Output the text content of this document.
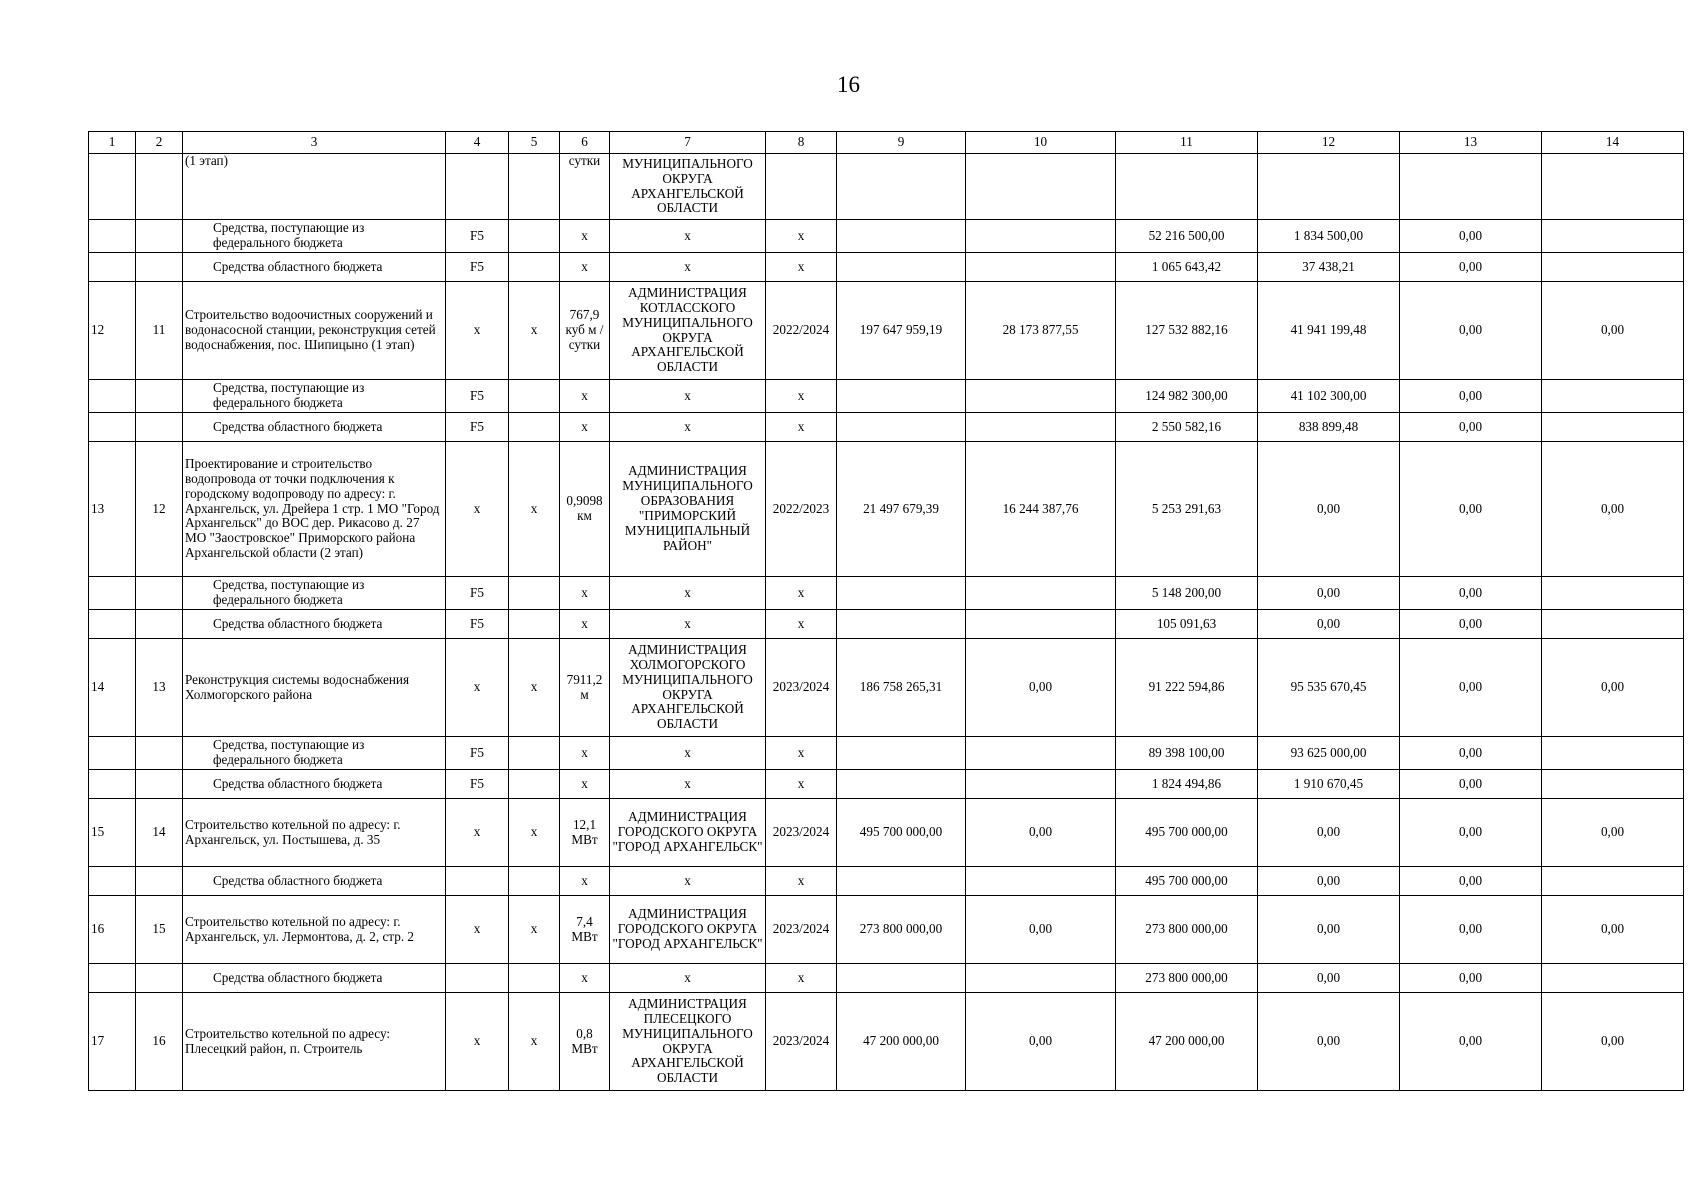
16
1	2	3	4	5	6	7	8	9	10	11	12	13	14
		(1 этап)			сутки	МУНИЦИПАЛЬНОГО ОКРУГА АРХАНГЕЛЬСКОЙ ОБЛАСТИ							
		Средства, поступающие из федерального бюджета	F5		х	х	х			52 216 500,00	1 834 500,00	0,00	
		Средства областного бюджета	F5		х	х	х			1 065 643,42	37 438,21	0,00	
12	11	Строительство водоочистных сооружений и водонасосной станции, реконструкция сетей водоснабжения, пос. Шипицыно (1 этап)	х	х	767,9 куб м / сутки	АДМИНИСТРАЦИЯ КОТЛАССКОГО МУНИЦИПАЛЬНОГО ОКРУГА АРХАНГЕЛЬСКОЙ ОБЛАСТИ	2022/2024	197 647 959,19	28 173 877,55	127 532 882,16	41 941 199,48	0,00	0,00
		Средства, поступающие из федерального бюджета	F5		х	х	х			124 982 300,00	41 102 300,00	0,00	
		Средства областного бюджета	F5		х	х	х			2 550 582,16	838 899,48	0,00	
13	12	Проектирование и строительство водопровода от точки подключения к городскому водопроводу по адресу: г. Архангельск, ул. Дрейера 1 стр. 1 МО "Город Архангельск" до ВОС дер. Рикасово д. 27 МО "Заостровское" Приморского района Архангельской области (2 этап)	х	х	0,9098 км	АДМИНИСТРАЦИЯ МУНИЦИПАЛЬНОГО ОБРАЗОВАНИЯ "ПРИМОРСКИЙ МУНИЦИПАЛЬНЫЙ РАЙОН"	2022/2023	21 497 679,39	16 244 387,76	5 253 291,63	0,00	0,00	0,00
		Средства, поступающие из федерального бюджета	F5		х	х	х			5 148 200,00	0,00	0,00	
		Средства областного бюджета	F5		х	х	х			105 091,63	0,00	0,00	
14	13	Реконструкция системы водоснабжения Холмогорского района	х	х	7911,2 м	АДМИНИСТРАЦИЯ ХОЛМОГОРСКОГО МУНИЦИПАЛЬНОГО ОКРУГА АРХАНГЕЛЬСКОЙ ОБЛАСТИ	2023/2024	186 758 265,31	0,00	91 222 594,86	95 535 670,45	0,00	0,00
		Средства, поступающие из федерального бюджета	F5		х	х	х			89 398 100,00	93 625 000,00	0,00	
		Средства областного бюджета	F5		х	х	х			1 824 494,86	1 910 670,45	0,00	
15	14	Строительство котельной по адресу: г. Архангельск, ул. Постышева, д. 35	х	х	12,1 МВт	АДМИНИСТРАЦИЯ ГОРОДСКОГО ОКРУГА "ГОРОД АРХАНГЕЛЬСК"	2023/2024	495 700 000,00	0,00	495 700 000,00	0,00	0,00	0,00
		Средства областного бюджета			х	х	х			495 700 000,00	0,00	0,00	
16	15	Строительство котельной по адресу: г. Архангельск, ул. Лермонтова, д. 2, стр. 2	х	х	7,4 МВт	АДМИНИСТРАЦИЯ ГОРОДСКОГО ОКРУГА "ГОРОД АРХАНГЕЛЬСК"	2023/2024	273 800 000,00	0,00	273 800 000,00	0,00	0,00	0,00
		Средства областного бюджета			х	х	х			273 800 000,00	0,00	0,00	
17	16	Строительство котельной по адресу: Плесецкий район, п. Строитель	х	х	0,8 МВт	АДМИНИСТРАЦИЯ ПЛЕСЕЦКОГО МУНИЦИПАЛЬНОГО ОКРУГА АРХАНГЕЛЬСКОЙ ОБЛАСТИ	2023/2024	47 200 000,00	0,00	47 200 000,00	0,00	0,00	0,00
